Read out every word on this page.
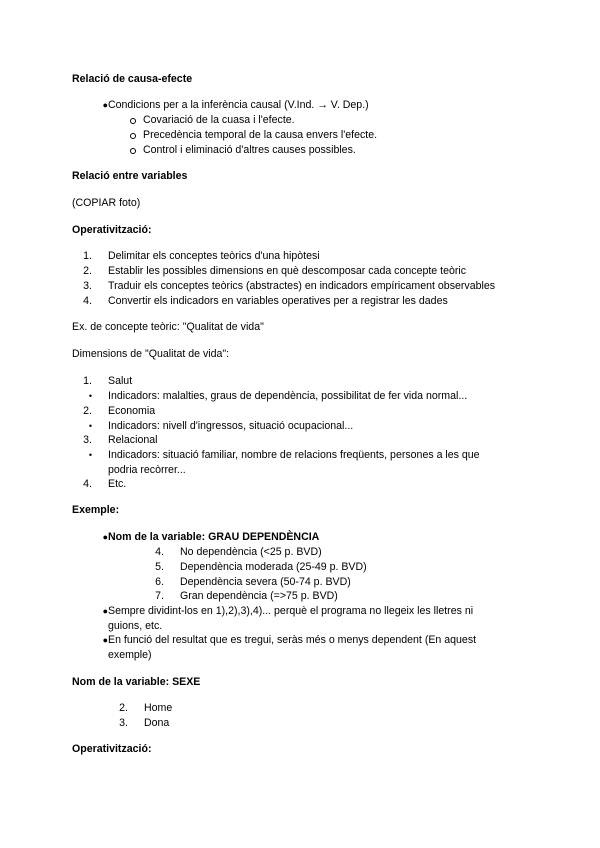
Relació de causa-efecte
● Condicions per a la inferència causal (V.Ind. → V. Dep.)
Covariació de la cuasa i l'efecte.
Precedència temporal de la causa envers l'efecte.
Control i eliminació d'altres causes possibles.
Relació entre variables
(COPIAR foto)
Operativització:
1. Delimitar els conceptes teòrics d'una hipòtesi
2. Establir les possibles dimensions en què descomposar cada concepte teòric
3. Traduir els conceptes teòrics (abstractes) en indicadors empíricament observables
4. Convertir els indicadors en variables operatives per a registrar les dades
Ex. de concepte teòric: "Qualitat de vida"
Dimensions de "Qualitat de vida":
1. Salut
• Indicadors: malalties, graus de dependència, possibilitat de fer vida normal...
2. Economia
• Indicadors: nivell d'ingressos, situació ocupacional...
3. Relacional
• Indicadors: situació familiar, nombre de relacions freqüents, persones a les que podria recòrrer...
4. Etc.
Exemple:
● Nom de la variable: GRAU DEPENDÈNCIA
4. No dependència (<25 p. BVD)
5. Dependència moderada (25-49 p. BVD)
6. Dependència severa (50-74 p. BVD)
7. Gran dependència (=>75 p. BVD)
● Sempre dividint-los en 1),2),3),4)... perquè el programa no llegeix les lletres ni guions, etc.
● En funció del resultat que es tregui, seràs més o menys dependent (En aquest exemple)
Nom de la variable: SEXE
2. Home
3. Dona
Operativització:
